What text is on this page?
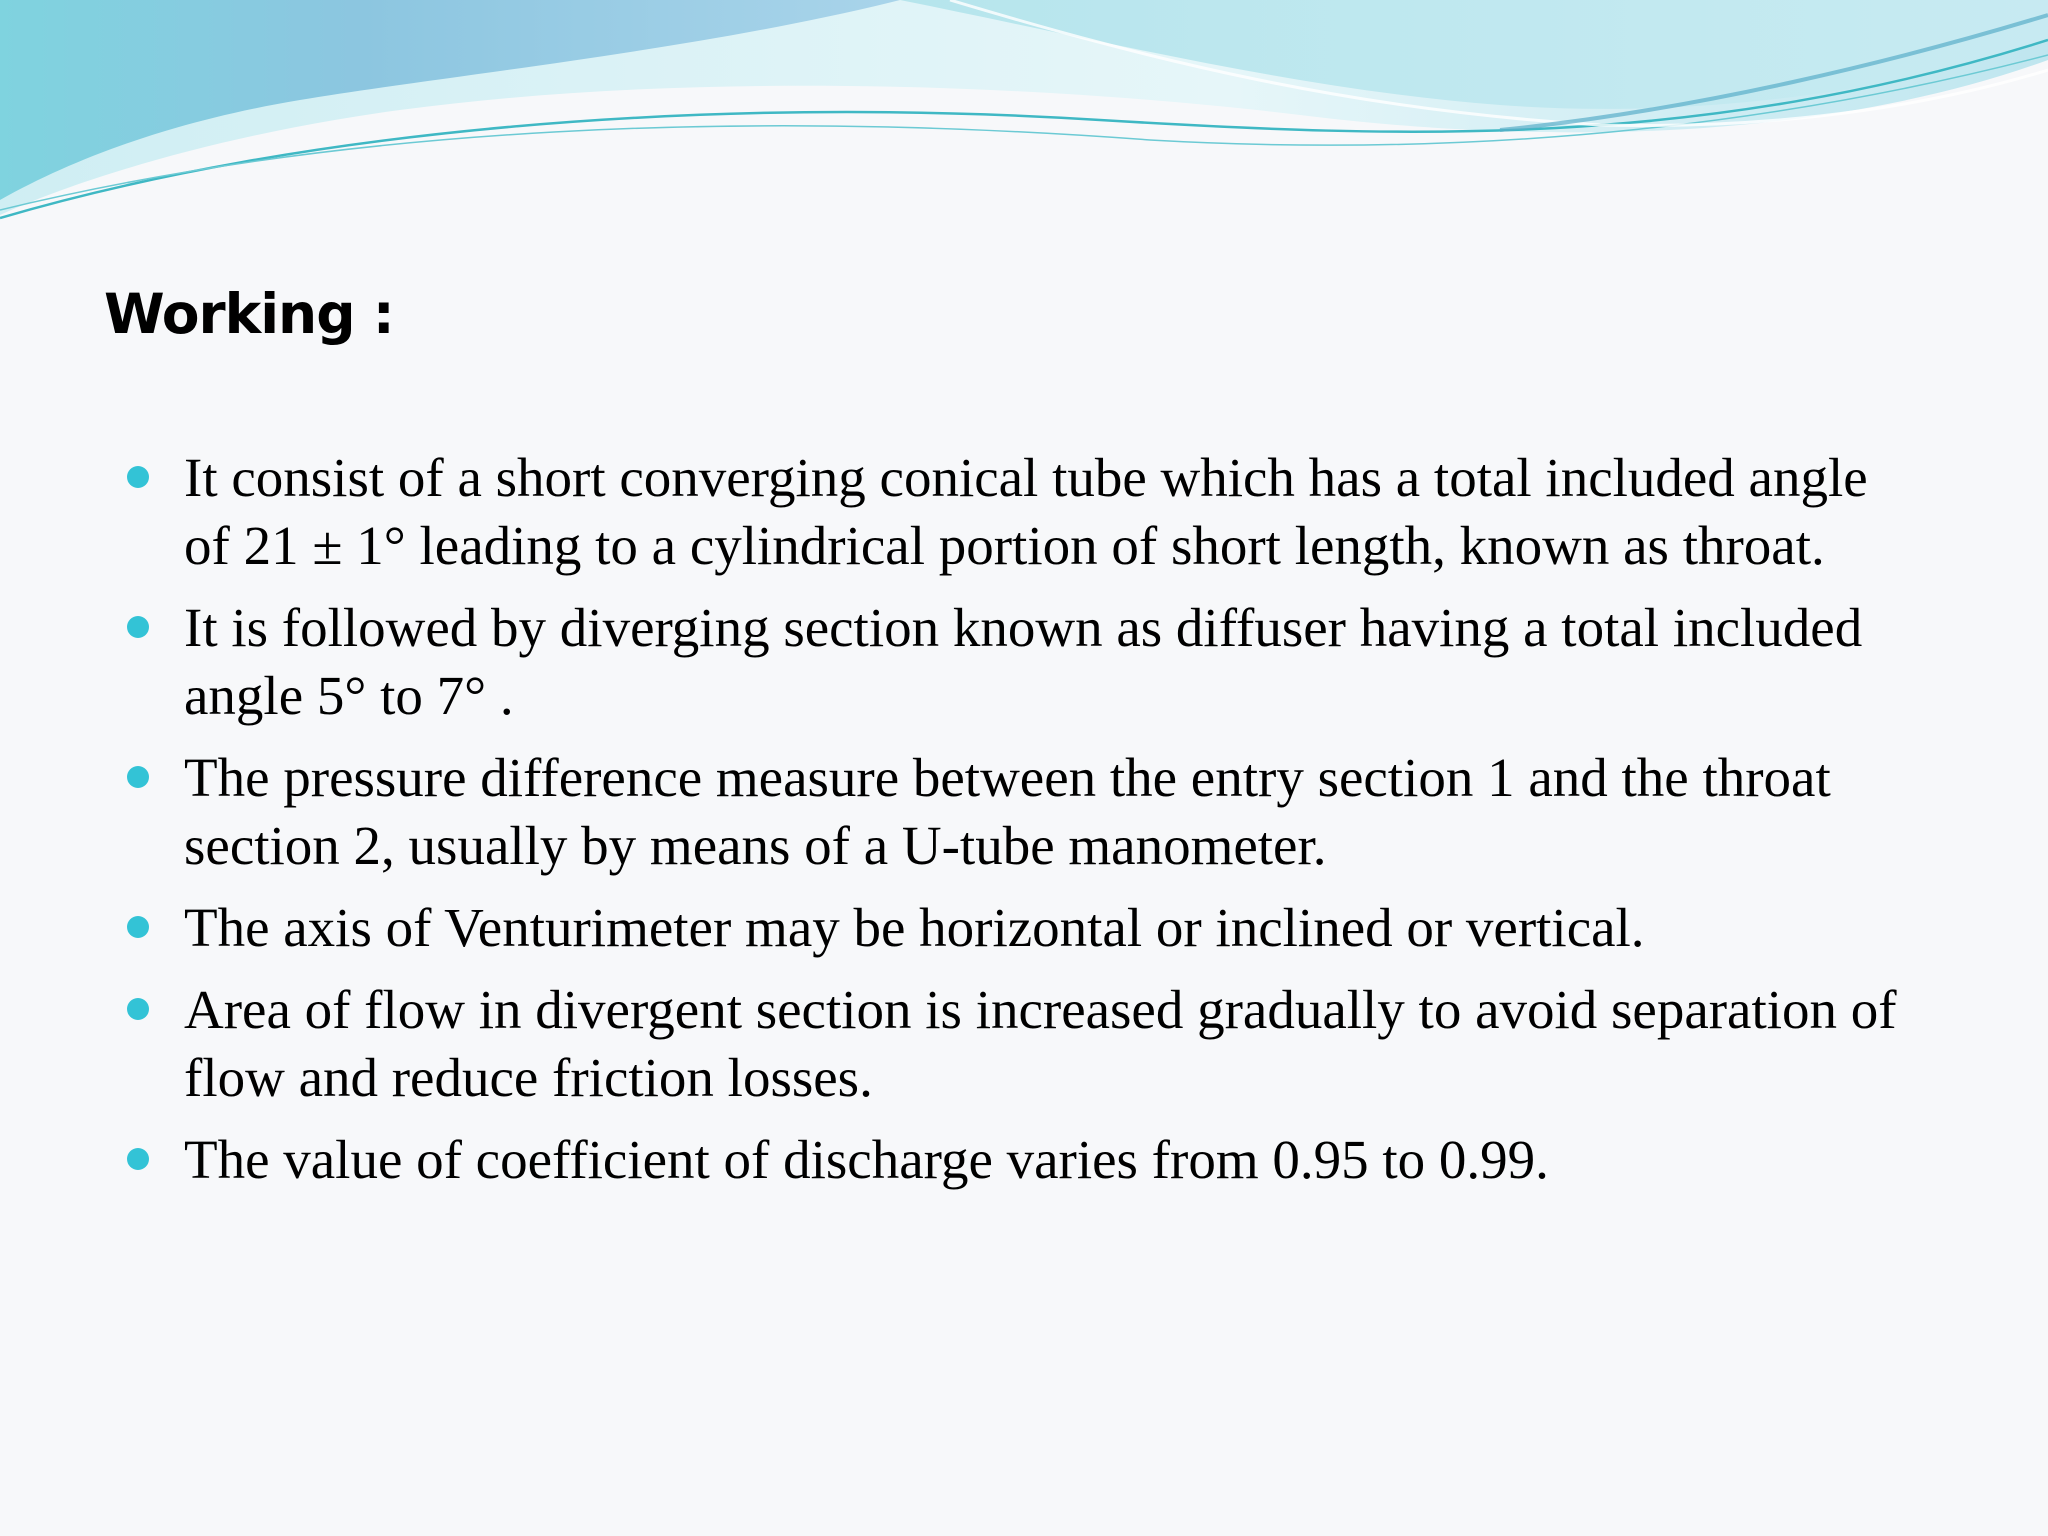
Working :
It consist of a short converging conical tube which has a total included angle of 21 ± 1° leading to a cylindrical portion of short length, known as throat.
It is followed by diverging section known as diffuser having a total included angle 5° to 7° .
The pressure difference measure between the entry section 1 and the throat section 2, usually by means of a U-tube manometer.
The axis of Venturimeter may be horizontal or inclined or vertical.
Area of flow in divergent section is increased gradually to avoid separation of flow and reduce friction losses.
The value of coefficient of discharge varies from 0.95 to 0.99.
